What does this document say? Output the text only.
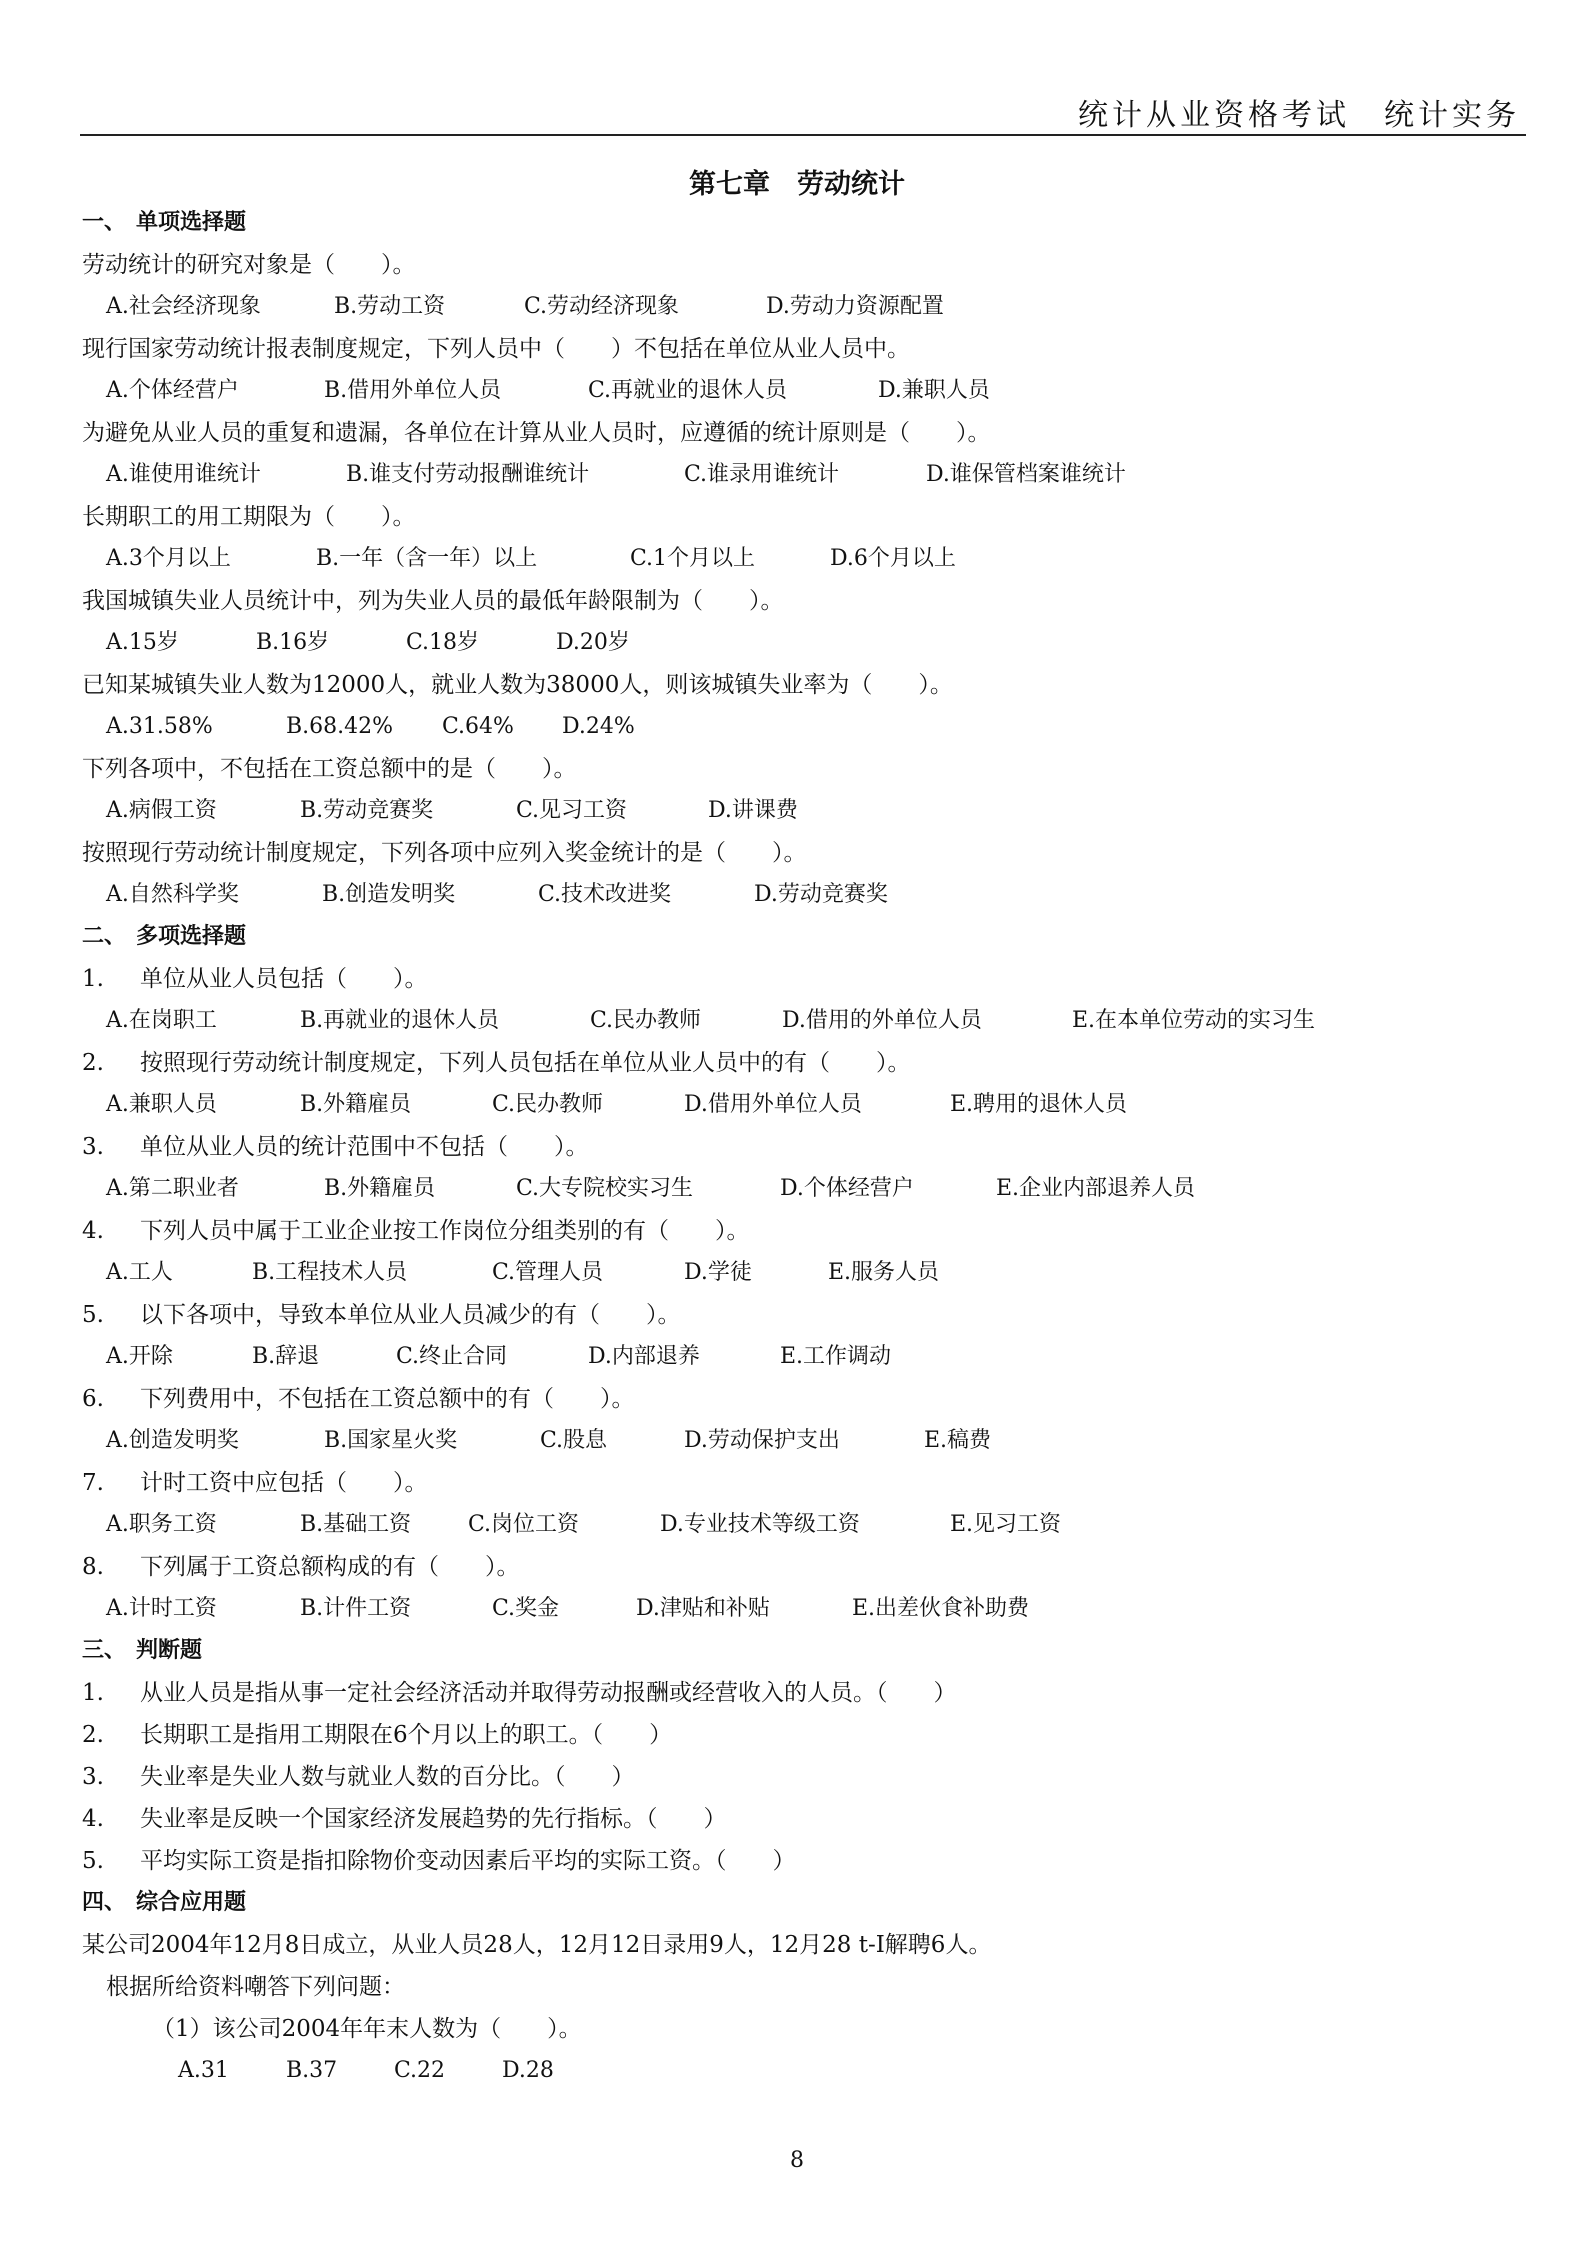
统计从业资格考试　统计实务
第七章　劳动统计
一、 单项选择题
劳动统计的研究对象是（　　）。
A.社会经济现象	B.劳动工资	C.劳动经济现象	D.劳动力资源配置
现行国家劳动统计报表制度规定，下列人员中（　　）不包括在单位从业人员中。
A.个体经营户	B.借用外单位人员	C.再就业的退休人员	D.兼职人员
为避免从业人员的重复和遗漏，各单位在计算从业人员时，应遵循的统计原则是（　　）。
A.谁使用谁统计	B.谁支付劳动报酬谁统计	C.谁录用谁统计	D.谁保管档案谁统计
长期职工的用工期限为（　　）。
A.3个月以上	B.一年（含一年）以上	C.1个月以上	D.6个月以上
我国城镇失业人员统计中，列为失业人员的最低年龄限制为（　　）。
A.15岁	B.16岁	C.18岁	D.20岁
已知某城镇失业人数为12000人，就业人数为38000人，则该城镇失业率为（　　）。
A.31.58%	B.68.42% C.64% D.24%
下列各项中，不包括在工资总额中的是（　　）。
A.病假工资	B.劳动竞赛奖	C.见习工资	D.讲课费
按照现行劳动统计制度规定，下列各项中应列入奖金统计的是（　　）。
A.自然科学奖	B.创造发明奖	C.技术改进奖	D.劳动竞赛奖
二、 多项选择题
1. 单位从业人员包括（　　）。
A.在岗职工	B.再就业的退休人员	C.民办教师	D.借用的外单位人员	E.在本单位劳动的实习生
2. 按照现行劳动统计制度规定，下列人员包括在单位从业人员中的有（　　）。
A.兼职人员	B.外籍雇员	C.民办教师	D.借用外单位人员	E.聘用的退休人员
3. 单位从业人员的统计范围中不包括（　　）。
A.第二职业者	B.外籍雇员	C.大专院校实习生	D.个体经营户	E.企业内部退养人员
4. 下列人员中属于工业企业按工作岗位分组类别的有（　　）。
A.工人	B.工程技术人员	C.管理人员	D.学徒	E.服务人员
5. 以下各项中，导致本单位从业人员减少的有（　　）。
A.开除	B.辞退	C.终止合同	D.内部退养	E.工作调动
6. 下列费用中，不包括在工资总额中的有（　　）。
A.创造发明奖	B.国家星火奖	C.股息	D.劳动保护支出	E.稿费
7. 计时工资中应包括（　　）。
A.职务工资	B.基础工资	C.岗位工资	D.专业技术等级工资	E.见习工资
8. 下列属于工资总额构成的有（　　）。
A.计时工资	B.计件工资	C.奖金	D.津贴和补贴	E.出差伙食补助费
三、 判断题
1. 从业人员是指从事一定社会经济活动并取得劳动报酬或经营收入的人员。（　　）
2. 长期职工是指用工期限在6个月以上的职工。（　　）
3. 失业率是失业人数与就业人数的百分比。（　　）
4. 失业率是反映一个国家经济发展趋势的先行指标。（　　）
5. 平均实际工资是指扣除物价变动因素后平均的实际工资。（　　）
四、 综合应用题
某公司2004年12月8日成立，从业人员28人，12月12日录用9人，12月28 t-I解聘6人。
根据所给资料嘲答下列问题：
（1）该公司2004年年末人数为（　　）。
A.31	B.37	C.22	D.28
8
